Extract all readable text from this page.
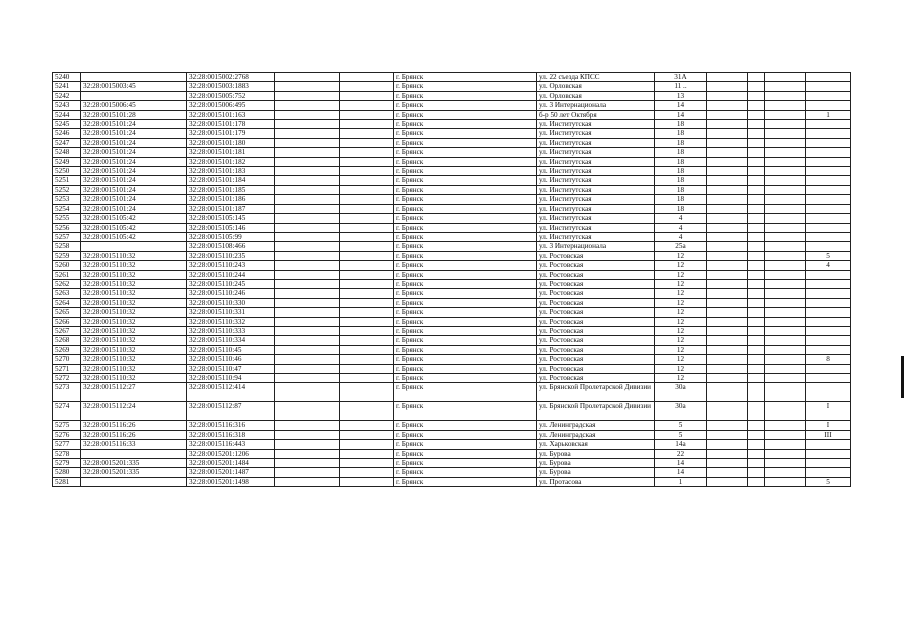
5240		32:28:0015002:2768			г. Брянск	ул. 22 съезда КПСС	31А				
5241	32:28:0015003:45	32:28:0015003:1883			г. Брянск	ул. Орловская	11 ..				
5242		32:28:0015005:752			г. Брянск	ул. Орловская	13				
5243	32:28:0015006:45	32:28:0015006:495			г. Брянск	ул. 3 Интернационала	14				
5244	32:28:0015101:28	32:28:0015101:163			г. Брянск	б-р 50 лет Октября	14				1
5245	32:28:0015101:24	32:28:0015101:178			г. Брянск	ул. Институтская	18				
5246	32:28:0015101:24	32:28:0015101:179			г. Брянск	ул. Институтская	18				
5247	32:28:0015101:24	32:28:0015101:180			г. Брянск	ул. Институтская	18				
5248	32:28:0015101:24	32:28:0015101:181			г. Брянск	ул. Институтская	18				
5249	32:28:0015101:24	32:28:0015101:182			г. Брянск	ул. Институтская	18				
5250	32:28:0015101:24	32:28:0015101:183			г. Брянск	ул. Институтская	18				
5251	32:28:0015101:24	32:28:0015101:184			г. Брянск	ул. Институтская	18				
5252	32:28:0015101:24	32:28:0015101:185			г. Брянск	ул. Институтская	18				
5253	32:28:0015101:24	32:28:0015101:186			г. Брянск	ул. Институтская	18				
5254	32:28:0015101:24	32:28:0015101:187			г. Брянск	ул. Институтская	18				
5255	32:28:0015105:42	32:28:0015105:145			г. Брянск	ул. Институтская	4				
5256	32:28:0015105:42	32:28:0015105:146			г. Брянск	ул. Институтская	4				
5257	32:28:0015105:42	32:28:0015105:99			г. Брянск	ул. Институтская	4				
5258		32:28:0015108:466			г. Брянск	ул. 3 Интернационала	25а				
5259	32:28:0015110:32	32:28:0015110:235			г. Брянск	ул. Ростовская	12				5
5260	32:28:0015110:32	32:28:0015110:243			г. Брянск	ул. Ростовская	12				4
5261	32:28:0015110:32	32:28:0015110:244			г. Брянск	ул. Ростовская	12				
5262	32:28:0015110:32	32:28:0015110:245			г. Брянск	ул. Ростовская	12				
5263	32:28:0015110:32	32:28:0015110:246			г. Брянск	ул. Ростовская	12				
5264	32:28:0015110:32	32:28:0015110:330			г. Брянск	ул. Ростовская	12				
5265	32:28:0015110:32	32:28:0015110:331			г. Брянск	ул. Ростовская	12				
5266	32:28:0015110:32	32:28:0015110:332			г. Брянск	ул. Ростовская	12				
5267	32:28:0015110:32	32:28:0015110:333			г. Брянск	ул. Ростовская	12				
5268	32:28:0015110:32	32:28:0015110:334			г. Брянск	ул. Ростовская	12				
5269	32:28:0015110:32	32:28:0015110:45			г. Брянск	ул. Ростовская	12				
5270	32:28:0015110:32	32:28:0015110:46			г. Брянск	ул. Ростовская	12				8
5271	32:28:0015110:32	32:28:0015110:47			г. Брянск	ул. Ростовская	12				
5272	32:28:0015110:32	32:28:0015110:94			г. Брянск	ул. Ростовская	12				
5273	32:28:0015112:27	32:28:0015112:414			г. Брянск	ул. Брянской Пролетарской Дивизии	30а				
5274	32:28:0015112:24	32:28:0015112:87			г. Брянск	ул. Брянской Пролетарской Дивизии	30а				I
5275	32:28:0015116:26	32:28:0015116:316			г. Брянск	ул. Ленинградская	5				I
5276	32:28:0015116:26	32:28:0015116:318			г. Брянск	ул. Ленинградская	5				III
5277	32:28:0015116:33	32:28:0015116:443			г. Брянск	ул. Харьковская	14а				
5278		32:28:0015201:1206			г. Брянск	ул. Бурова	22				
5279	32:28:0015201:335	32:28:0015201:1484			г. Брянск	ул. Бурова	14				
5280	32:28:0015201:335	32:28:0015201:1487			г. Брянск	ул. Бурова	14				
5281		32:28:0015201:1498			г. Брянск	ул. Протасова	1				5
